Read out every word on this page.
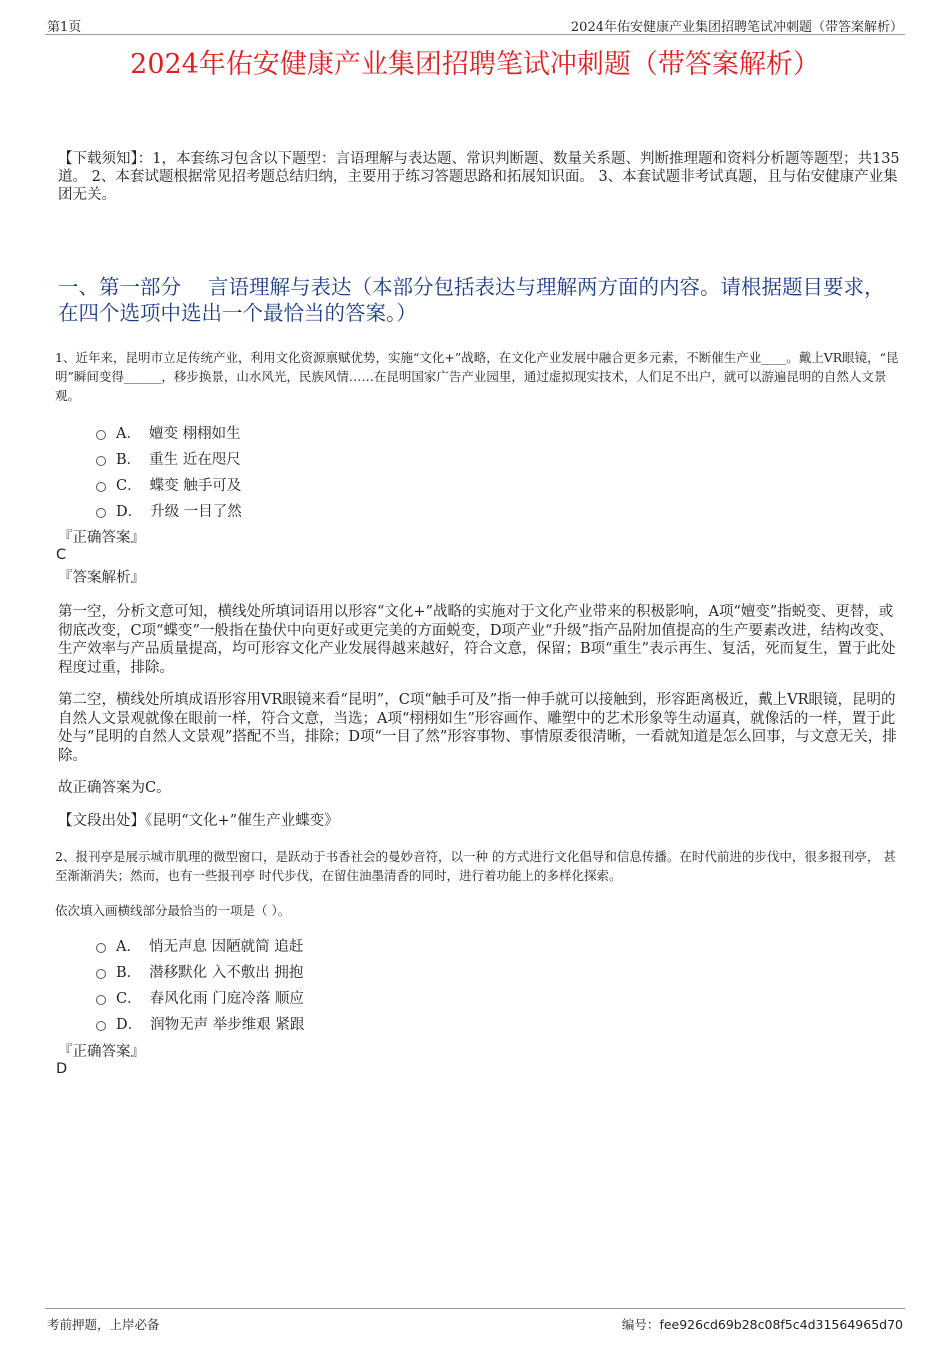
第1页	2024年佑安健康产业集团招聘笔试冲刺题（带答案解析）
2024年佑安健康产业集团招聘笔试冲刺题（带答案解析）
【下载须知】：1，本套练习包含以下题型：言语理解与表达题、常识判断题、数量关系题、判断推理题和资料分析题等题型；共135道。 2、本套试题根据常见招考题总结归纳，主要用于练习答题思路和拓展知识面。 3、本套试题非考试真题，且与佑安健康产业集团无关。
一、第一部分　 言语理解与表达（本部分包括表达与理解两方面的内容。请根据题目要求，在四个选项中选出一个最恰当的答案。）
1、近年来，昆明市立足传统产业，利用文化资源禀赋优势，实施“文化+”战略，在文化产业发展中融合更多元素，不断催生产业____。戴上VR眼镜，“昆明”瞬间变得______，移步换景，山水风光，民族风情……在昆明国家广告产业园里，通过虚拟现实技术，人们足不出户，就可以游遍昆明的自然人文景观。
A． 嬗变 栩栩如生
B． 重生 近在咫尺
C． 蝶变 触手可及
D． 升级 一目了然
『正确答案』
C
『答案解析』
第一空，分析文意可知，横线处所填词语用以形容“文化+”战略的实施对于文化产业带来的积极影响，A项“嬗变”指蜕变、更替，或彻底改变，C项“蝶变”一般指在蛰伏中向更好或更完美的方面蜕变，D项产业“升级”指产品附加值提高的生产要素改进，结构改变、生产效率与产品质量提高，均可形容文化产业发展得越来越好，符合文意，保留；B项“重生”表示再生、复活，死而复生，置于此处程度过重，排除。
第二空，横线处所填成语形容用VR眼镜来看“昆明”，C项“触手可及”指一伸手就可以接触到，形容距离极近，戴上VR眼镜，昆明的自然人文景观就像在眼前一样，符合文意，当选；A项“栩栩如生”形容画作、雕塑中的艺术形象等生动逼真，就像活的一样，置于此处与“昆明的自然人文景观”搭配不当，排除；D项“一目了然”形容事物、事情原委很清晰，一看就知道是怎么回事，与文意无关，排除。
故正确答案为C。
【文段出处】《昆明“文化+”催生产业蝶变》
2、报刊亭是展示城市肌理的微型窗口，是跃动于书香社会的曼妙音符，以一种 的方式进行文化倡导和信息传播。在时代前进的步伐中，很多报刊亭， 甚至渐渐消失；然而，也有一些报刊亭 时代步伐，在留住油墨清香的同时，进行着功能上的多样化探索。
依次填入画横线部分最恰当的一项是（ ）。
A． 悄无声息 因陋就简 追赶
B． 潜移默化 入不敷出 拥抱
C． 春风化雨 门庭冷落 顺应
D． 润物无声 举步维艰 紧跟
『正确答案』
D
考前押题，上岸必备	编号：fee926cd69b28c08f5c4d31564965d70
